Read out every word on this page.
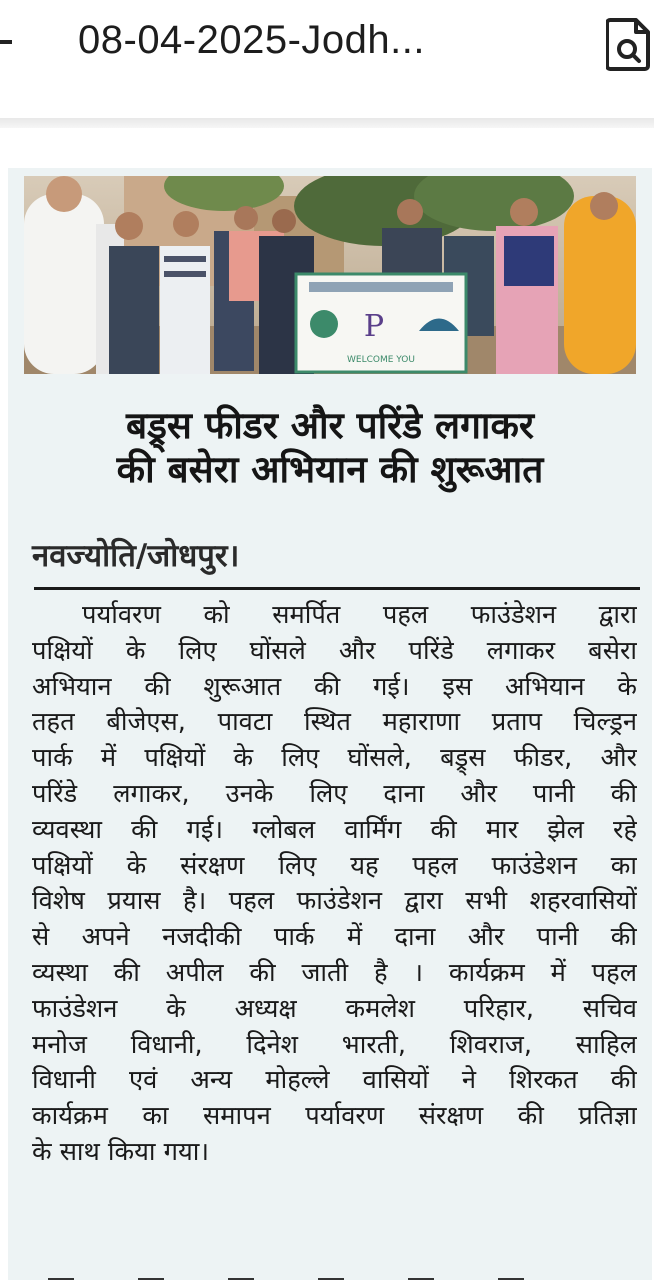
08-04-2025-Jodh...
P
WELCOME YOU
बड्र्स फीडर और परिंडे लगाकर
की बसेरा अभियान की शुरूआत
नवज्योति/जोधपुर।
पर्यावरण को समर्पित पहल फाउंडेशन द्वारा
पक्षियों के लिए घोंसले और परिंडे लगाकर बसेरा
अभियान की शुरूआत की गई। इस अभियान के
तहत बीजेएस, पावटा स्थित महाराणा प्रताप चिल्ड्रन
पार्क में पक्षियों के लिए घोंसले, बड्र्स फीडर, और
परिंडे लगाकर, उनके लिए दाना और पानी की
व्यवस्था की गई। ग्लोबल वार्मिंग की मार झेल रहे
पक्षियों के संरक्षण लिए यह पहल फाउंडेशन का
विशेष प्रयास है। पहल फाउंडेशन द्वारा सभी शहरवासियों
से अपने नजदीकी पार्क में दाना और पानी की
व्यस्था की अपील की जाती है । कार्यक्रम में पहल
फाउंडेशन के अध्यक्ष कमलेश परिहार, सचिव
मनोज विधानी, दिनेश भारती, शिवराज, साहिल
विधानी एवं अन्य मोहल्ले वासियों ने शिरकत की
कार्यक्रम का समापन पर्यावरण संरक्षण की प्रतिज्ञा
के साथ किया गया।
